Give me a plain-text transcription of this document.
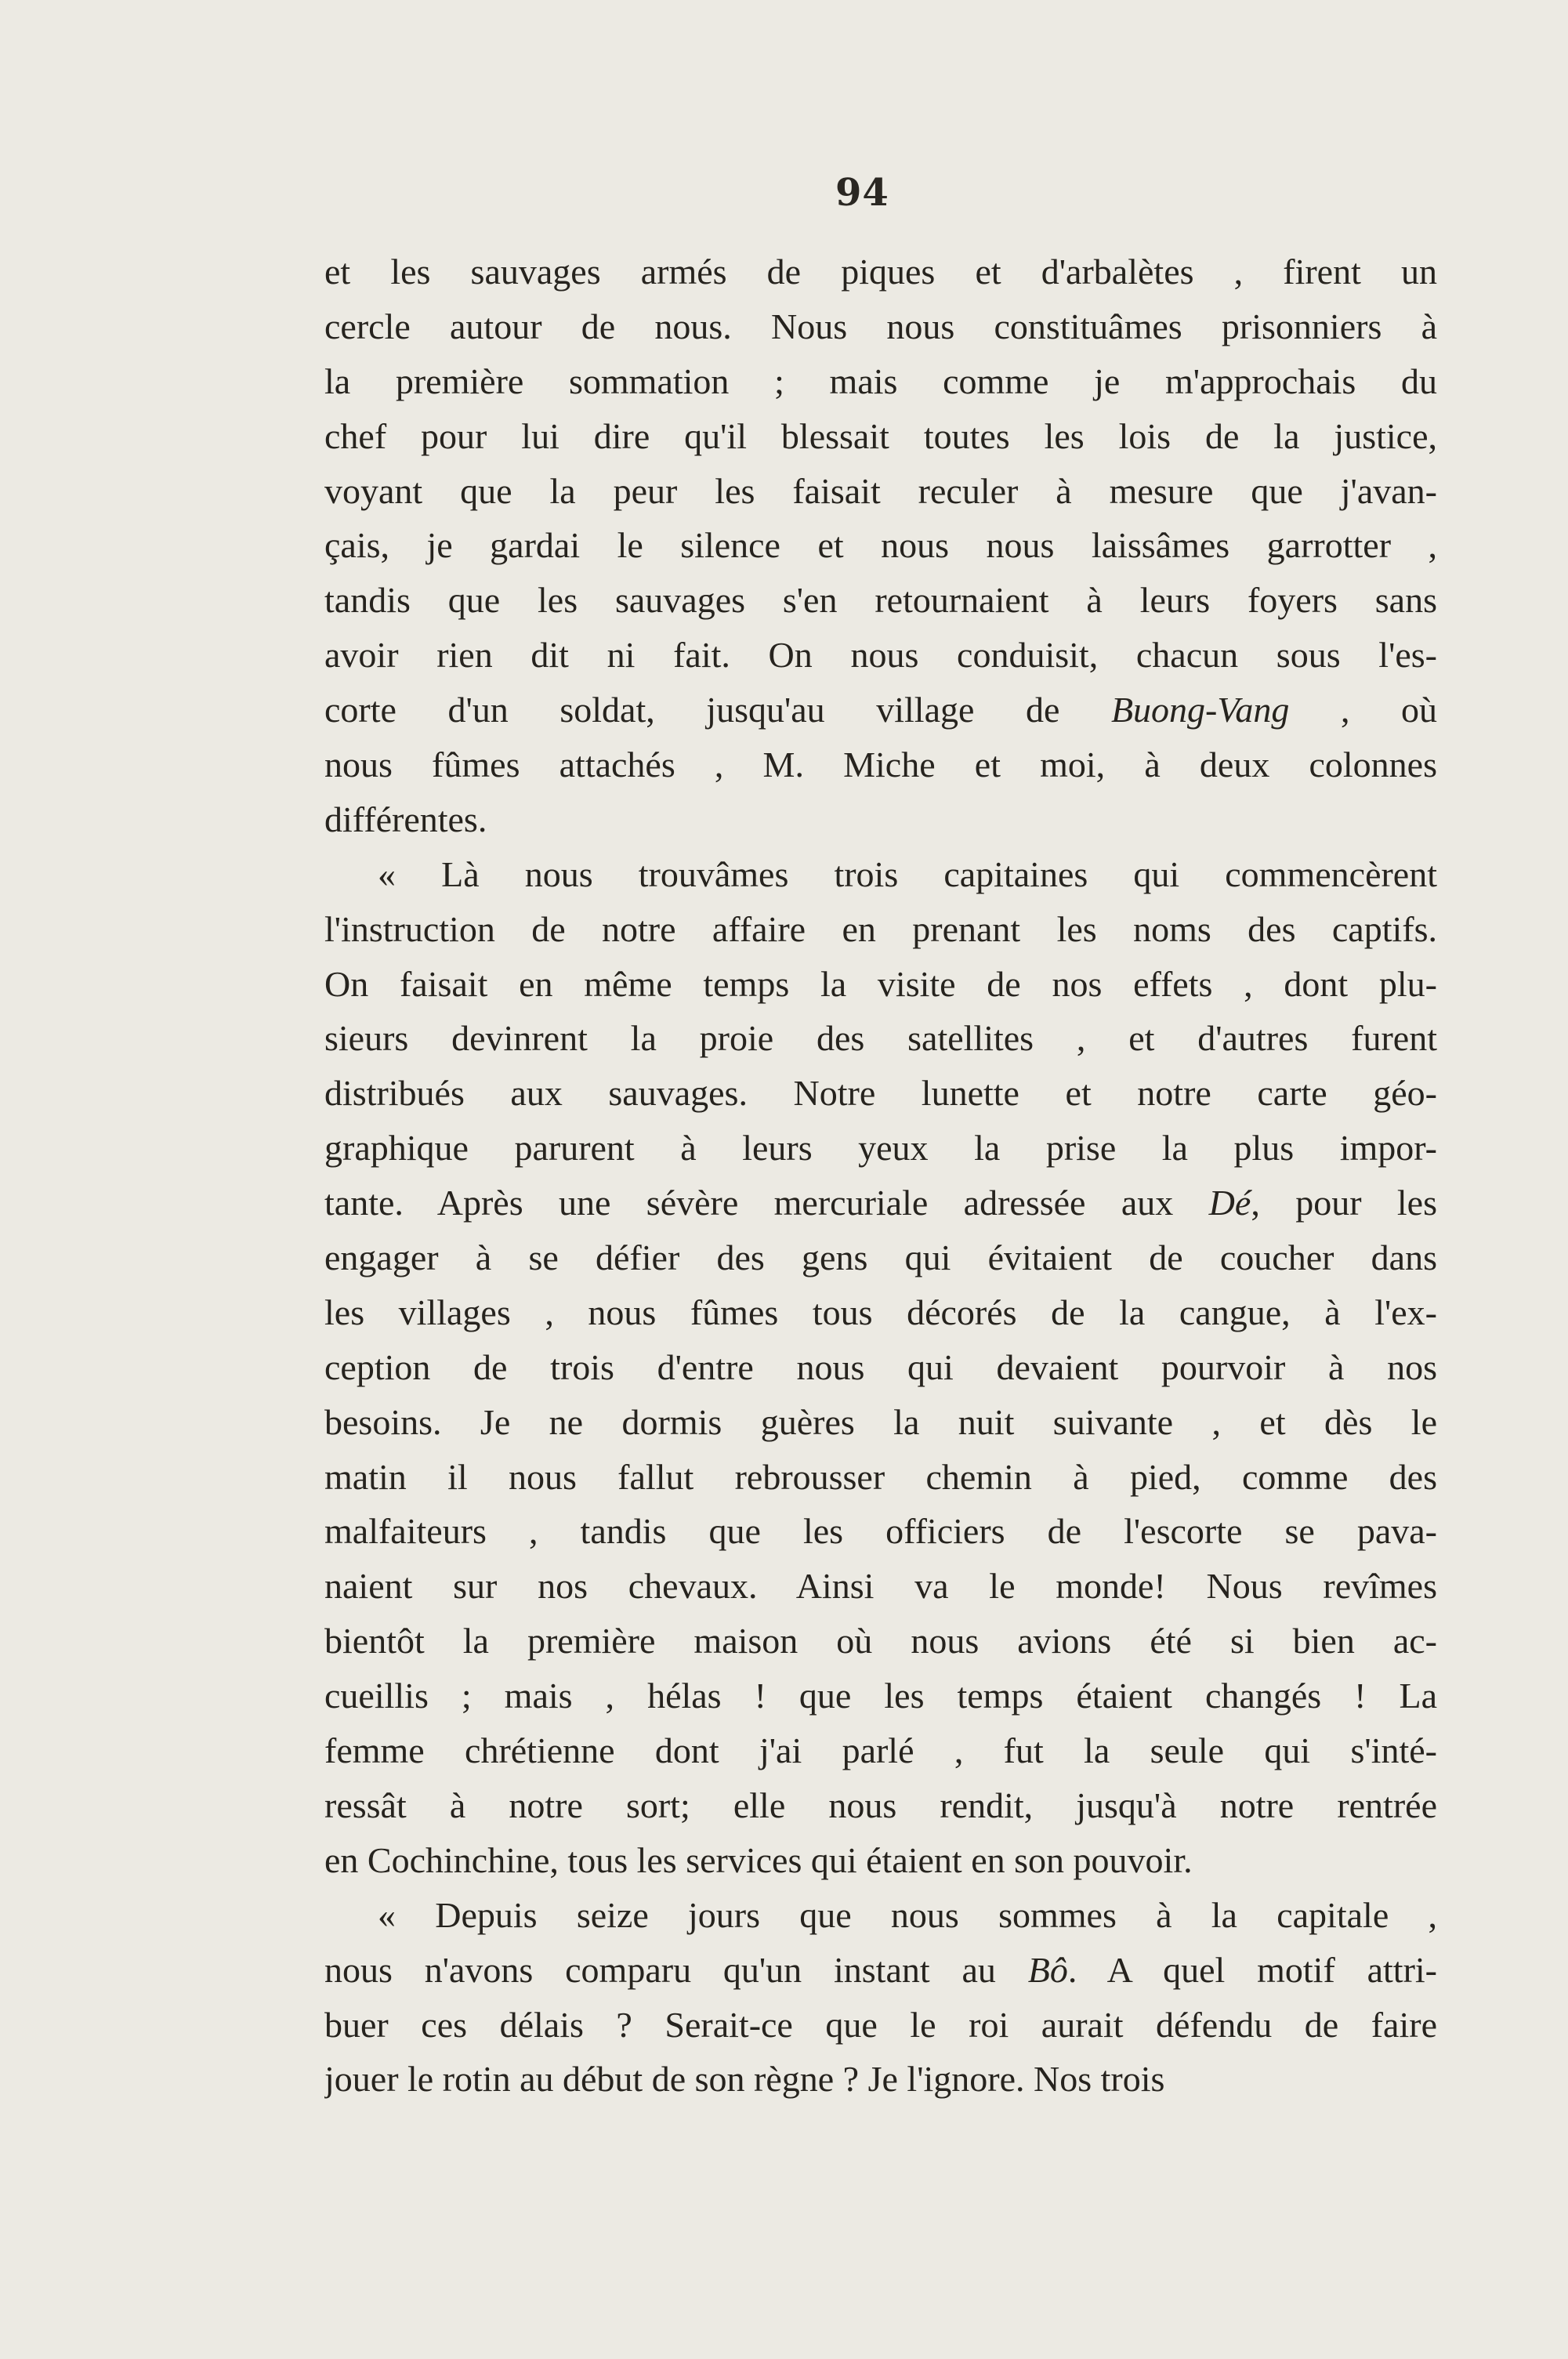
94
et les sauvages armés de piques et d'arbalètes , firent un
cercle autour de nous. Nous nous constituâmes prisonniers à
la première sommation ; mais comme je m'approchais du
chef pour lui dire qu'il blessait toutes les lois de la justice,
voyant que la peur les faisait reculer à mesure que j'avan-
çais, je gardai le silence et nous nous laissâmes garrotter ,
tandis que les sauvages s'en retournaient à leurs foyers sans
avoir rien dit ni fait. On nous conduisit, chacun sous l'es-
corte d'un soldat, jusqu'au village de Buong-Vang , où
nous fûmes attachés , M. Miche et moi, à deux colonnes
différentes.
« Là nous trouvâmes trois capitaines qui commencèrent
l'instruction de notre affaire en prenant les noms des captifs.
On faisait en même temps la visite de nos effets , dont plu-
sieurs devinrent la proie des satellites , et d'autres furent
distribués aux sauvages. Notre lunette et notre carte géo-
graphique parurent à leurs yeux la prise la plus impor-
tante. Après une sévère mercuriale adressée aux Dé, pour les
engager à se défier des gens qui évitaient de coucher dans
les villages , nous fûmes tous décorés de la cangue, à l'ex-
ception de trois d'entre nous qui devaient pourvoir à nos
besoins. Je ne dormis guères la nuit suivante , et dès le
matin il nous fallut rebrousser chemin à pied, comme des
malfaiteurs , tandis que les officiers de l'escorte se pava-
naient sur nos chevaux. Ainsi va le monde! Nous revîmes
bientôt la première maison où nous avions été si bien ac-
cueillis ; mais , hélas ! que les temps étaient changés ! La
femme chrétienne dont j'ai parlé , fut la seule qui s'inté-
ressât à notre sort; elle nous rendit, jusqu'à notre rentrée
en Cochinchine, tous les services qui étaient en son pouvoir.
« Depuis seize jours que nous sommes à la capitale ,
nous n'avons comparu qu'un instant au Bô. A quel motif attri-
buer ces délais ? Serait-ce que le roi aurait défendu de faire
jouer le rotin au début de son règne ? Je l'ignore. Nos trois
